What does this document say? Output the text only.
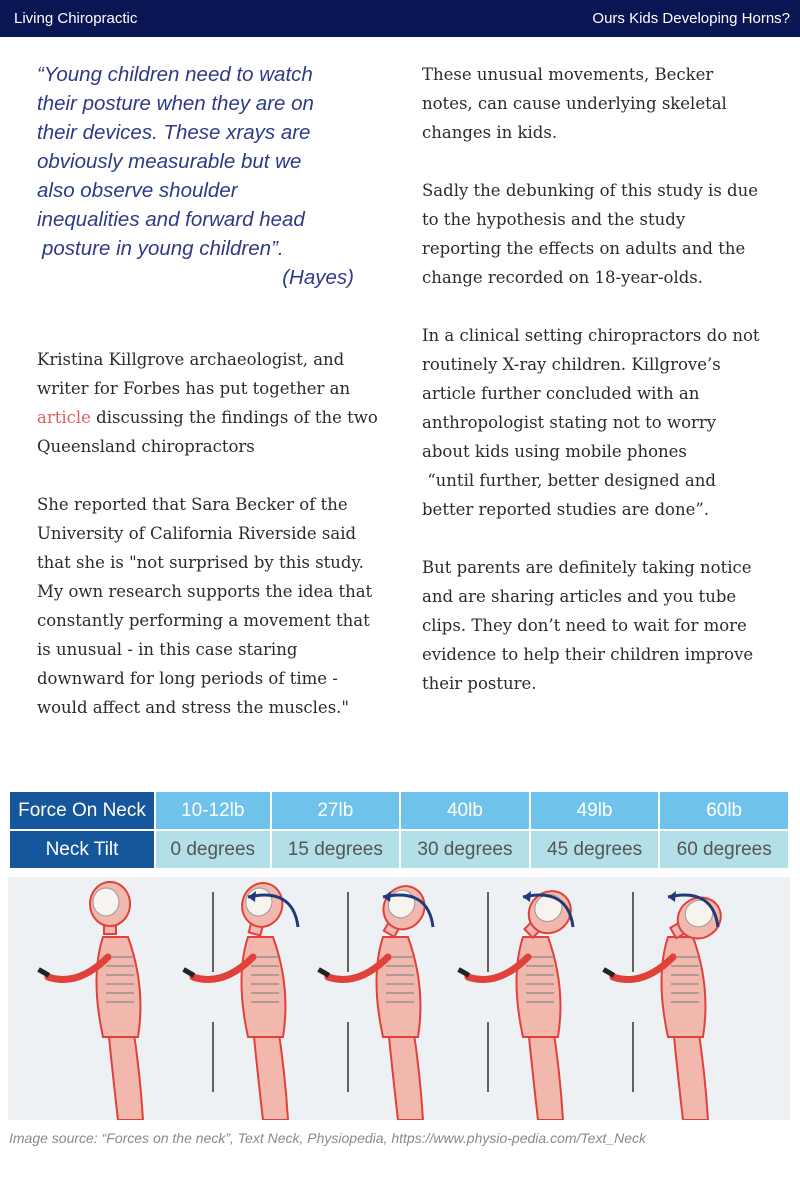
Living Chiropractic	Ours Kids Developing Horns?
“Young children need to watch
their posture when they are on
their devices. These xrays are
obviously measurable but we
also observe shoulder
inequalities and forward head
posture in young children”.
(Hayes)
Kristina Killgrove archaeologist, and
writer for Forbes has put together an
article discussing the findings of the two
Queensland chiropractors
She reported that Sara Becker of the
University of California Riverside said
that she is "not surprised by this study.
My own research supports the idea that
constantly performing a movement that
is unusual - in this case staring
downward for long periods of time -
would affect and stress the muscles."
These unusual movements, Becker
notes, can cause underlying skeletal
changes in kids.
Sadly the debunking of this study is due
to the hypothesis and the study
reporting the effects on adults and the
change recorded on 18-year-olds.
In a clinical setting chiropractors do not
routinely X-ray children. Killgrove’s
article further concluded with an
anthropologist stating not to worry
about kids using mobile phones
“until further, better designed and
better reported studies are done”.
But parents are definitely taking notice
and are sharing articles and you tube
clips. They don’t need to wait for more
evidence to help their children improve
their posture.
Force On Neck	10-12lb	27lb	40lb	49lb	60lb
Neck Tilt	0 degrees	15 degrees	30 degrees	45 degrees	60 degrees
Image source: “Forces on the neck”, Text Neck, Physiopedia, https://www.physio-pedia.com/Text_Neck
